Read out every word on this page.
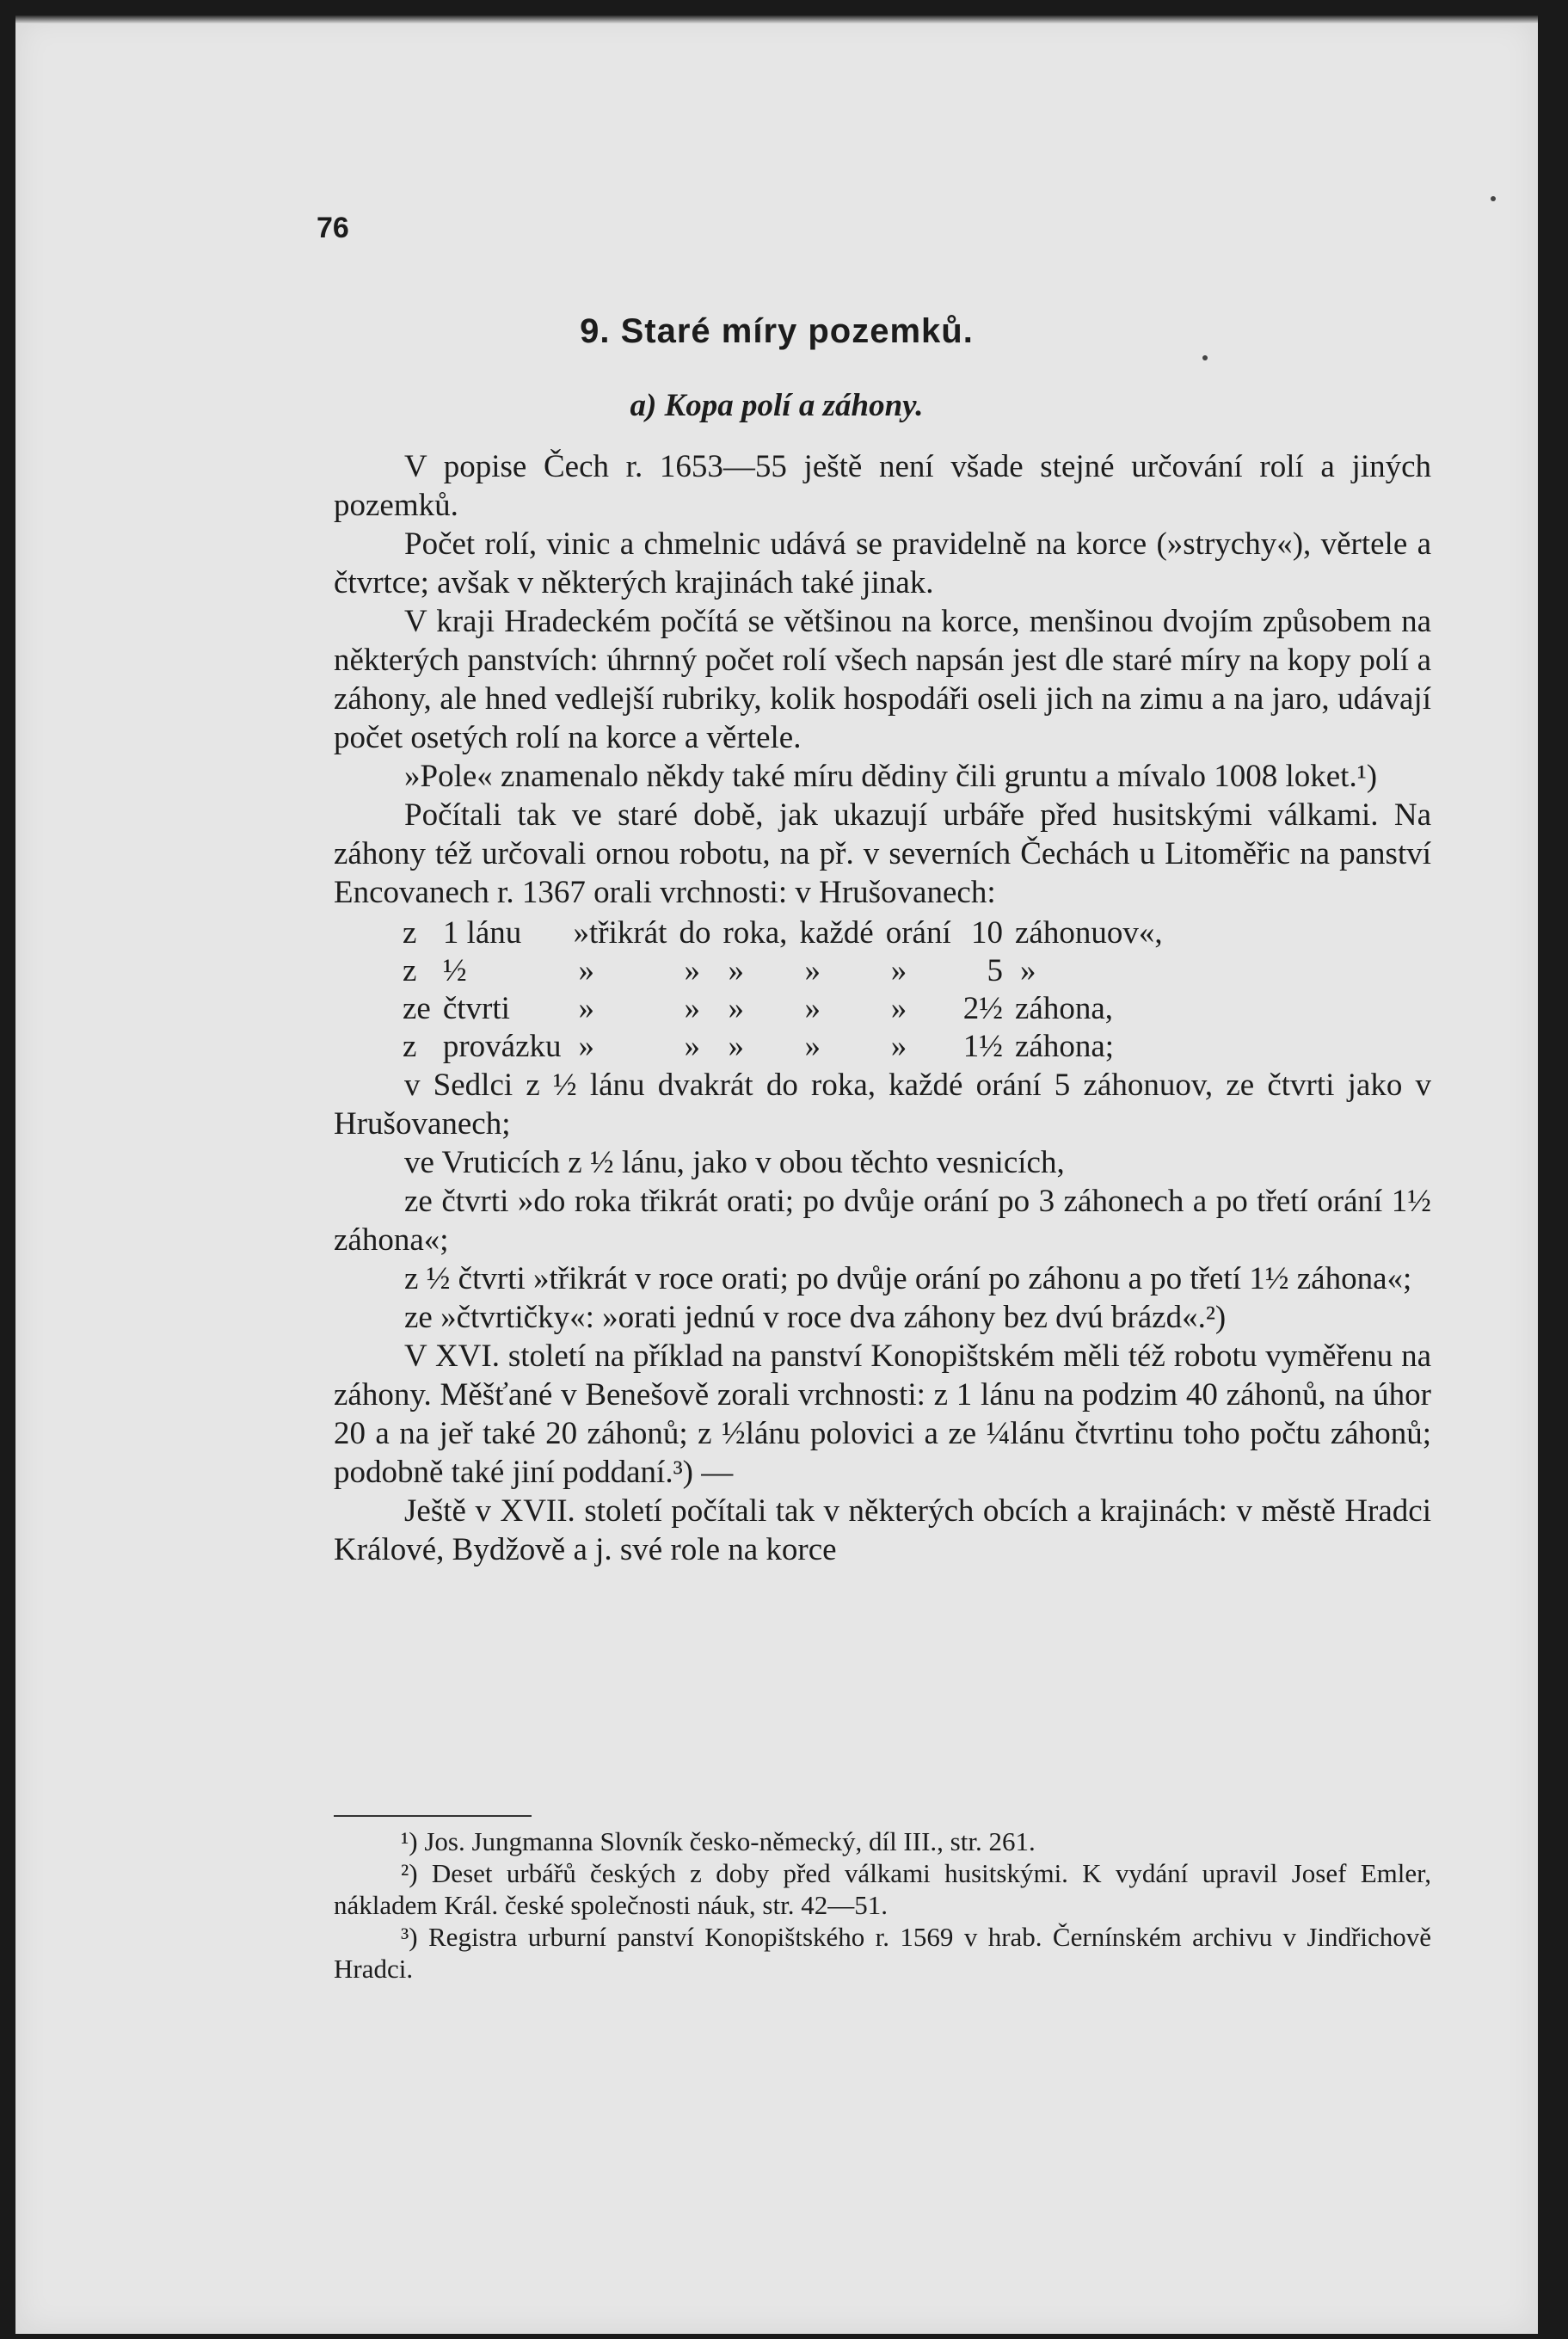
76

9. Staré míry pozemků.
a) Kopa polí a záhony.

V popise Čech r. 1653—55 ještě není všade stejné určování rolí a jiných pozemků.

Počet rolí, vinic a chmelnic udává se pravidelně na korce (»strychy«), věrtele a čtvrtce; avšak v některých krajinách také jinak.

V kraji Hradeckém počítá se většinou na korce, menšinou dvojím způsobem na některých panstvích: úhrnný počet rolí všech napsán jest dle staré míry na kopy polí a záhony, ale hned vedlejší rubriky, kolik hospodáři oseli jich na zimu a na jaro, udávají počet osetých rolí na korce a věrtele.

»Pole« znamenalo někdy také míru dědiny čili gruntu a mívalo 1008 loket.¹)

Počítali tak ve staré době, jak ukazují urbáře před husitskými válkami. Na záhony též určovali ornou robotu, na př. v severních Čechách u Litoměřic na panství Encovanech r. 1367 orali vrchnosti: v Hrušovanech:

z	1 lánu	»třikrát	do	roka,	každé	orání	10	záhonuov«,
z	½	»	»	»	»	»	5	»
ze	čtvrti	»	»	»	»	»	2½	záhona,
z	provázku	»	»	»	»	»	1½	záhona;

v Sedlci z ½ lánu dvakrát do roka, každé orání 5 záhonuov, ze čtvrti jako v Hrušovanech;

ve Vruticích z ½ lánu, jako v obou těchto vesnicích,

ze čtvrti »do roka třikrát orati; po dvůje orání po 3 záhonech a po třetí orání 1½ záhona«;

z ½ čtvrti »třikrát v roce orati; po dvůje orání po záhonu a po třetí 1½ záhona«;

ze »čtvrtičky«: »orati jednú v roce dva záhony bez dvú brázd«.²)

V XVI. století na příklad na panství Konopištském měli též robotu vyměřenu na záhony. Měšťané v Benešově zorali vrchnosti: z 1 lánu na podzim 40 záhonů, na úhor 20 a na jeř také 20 záhonů; z ½lánu polovici a ze ¼lánu čtvrtinu toho počtu záhonů; podobně také jiní poddaní.³) —

Ještě v XVII. století počítali tak v některých obcích a krajinách: v městě Hradci Králové, Bydžově a j. své role na korce

¹) Jos. Jungmanna Slovník česko-německý, díl III., str. 261.

²) Deset urbářů českých z doby před válkami husitskými. K vydání upravil Josef Emler, nákladem Král. české společnosti náuk, str. 42—51.

³) Registra urburní panství Konopištského r. 1569 v hrab. Černínském archivu v Jindřichově Hradci.
